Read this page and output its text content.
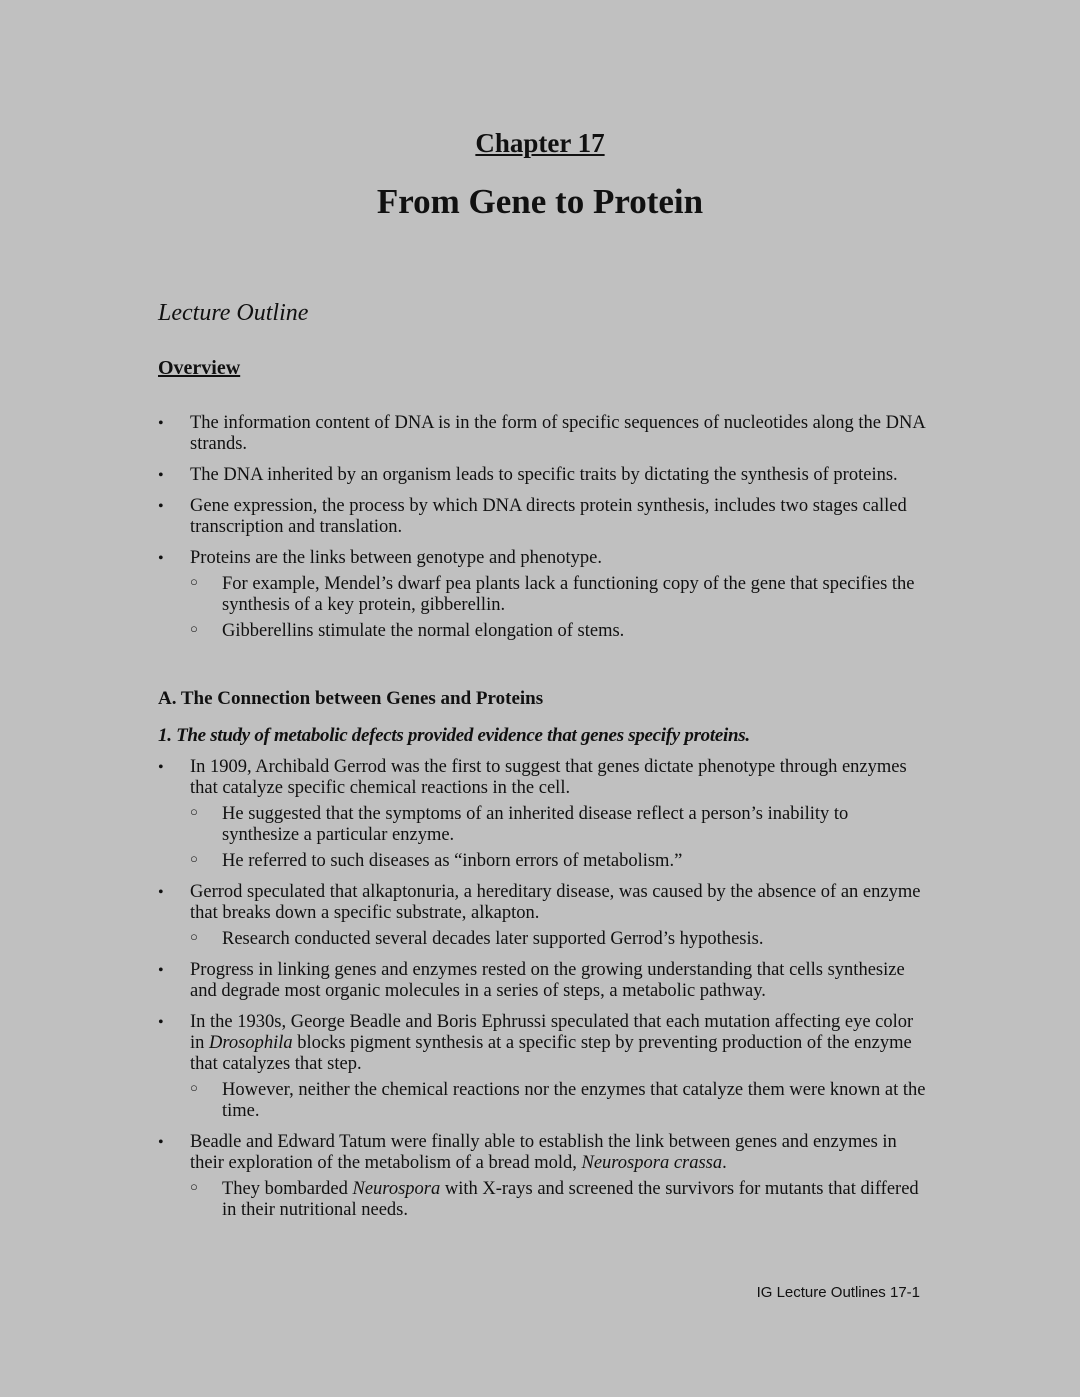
Chapter 17
From Gene to Protein
Lecture Outline
Overview
• The information content of DNA is in the form of specific sequences of nucleotides along the DNA strands.
• The DNA inherited by an organism leads to specific traits by dictating the synthesis of proteins.
• Gene expression, the process by which DNA directs protein synthesis, includes two stages called transcription and translation.
• Proteins are the links between genotype and phenotype.
○ For example, Mendel’s dwarf pea plants lack a functioning copy of the gene that specifies the synthesis of a key protein, gibberellin.
○ Gibberellins stimulate the normal elongation of stems.
A. The Connection between Genes and Proteins
1. The study of metabolic defects provided evidence that genes specify proteins.
• In 1909, Archibald Gerrod was the first to suggest that genes dictate phenotype through enzymes that catalyze specific chemical reactions in the cell.
○ He suggested that the symptoms of an inherited disease reflect a person’s inability to synthesize a particular enzyme.
○ He referred to such diseases as “inborn errors of metabolism.”
• Gerrod speculated that alkaptonuria, a hereditary disease, was caused by the absence of an enzyme that breaks down a specific substrate, alkapton.
○ Research conducted several decades later supported Gerrod’s hypothesis.
• Progress in linking genes and enzymes rested on the growing understanding that cells synthesize and degrade most organic molecules in a series of steps, a metabolic pathway.
• In the 1930s, George Beadle and Boris Ephrussi speculated that each mutation affecting eye color in Drosophila blocks pigment synthesis at a specific step by preventing production of the enzyme that catalyzes that step.
○ However, neither the chemical reactions nor the enzymes that catalyze them were known at the time.
• Beadle and Edward Tatum were finally able to establish the link between genes and enzymes in their exploration of the metabolism of a bread mold, Neurospora crassa.
○ They bombarded Neurospora with X-rays and screened the survivors for mutants that differed in their nutritional needs.
IG Lecture Outlines 17-1
